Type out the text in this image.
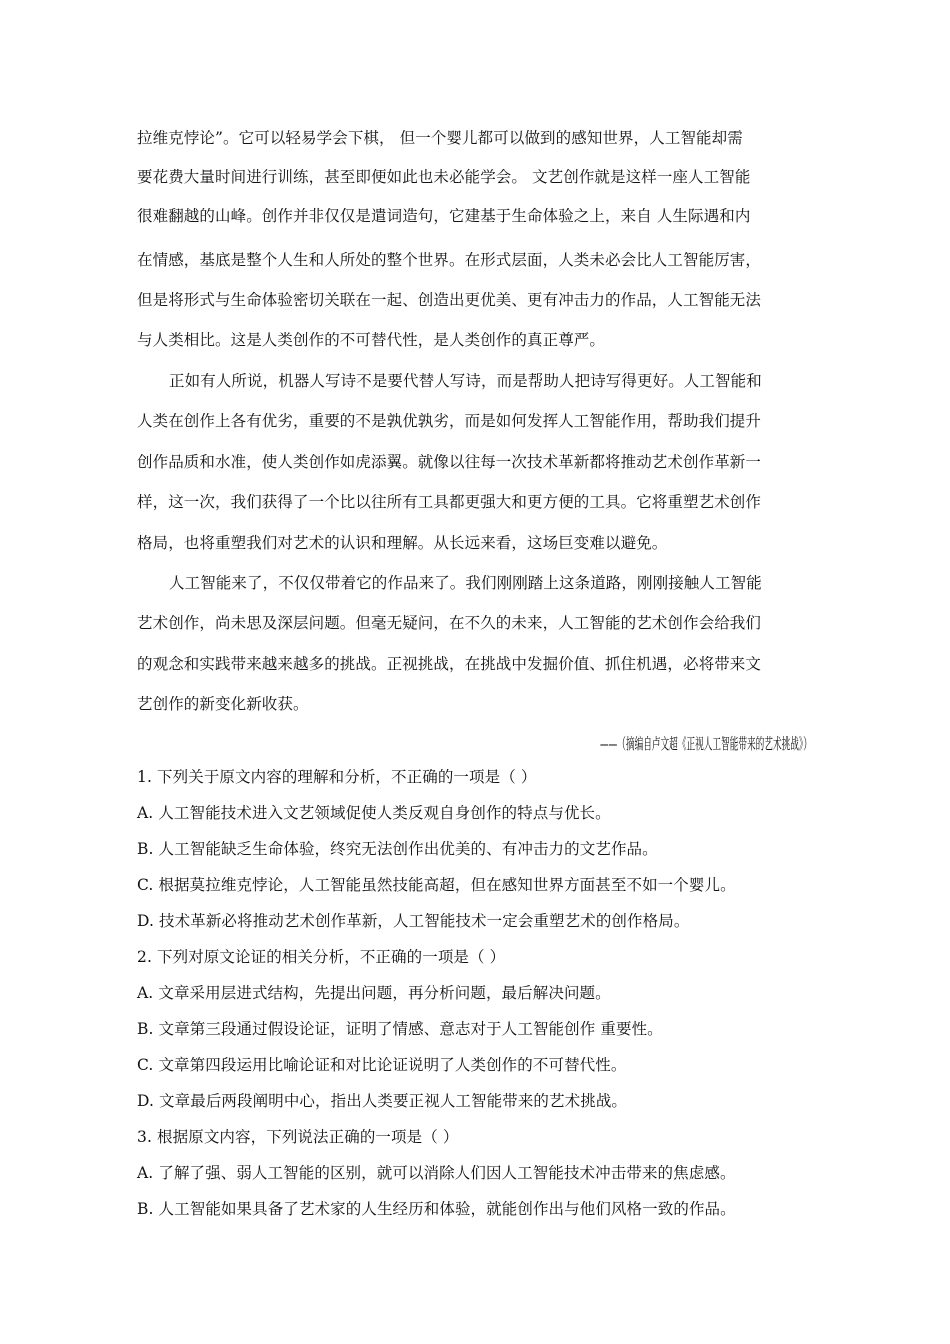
拉维克悖论”。它可以轻易学会下棋， 但一个婴儿都可以做到的感知世界，人工智能却需
要花费大量时间进行训练，甚至即便如此也未必能学会。 文艺创作就是这样一座人工智能
很难翻越的山峰。创作并非仅仅是遣词造句，它建基于生命体验之上，来自 人生际遇和内
在情感，基底是整个人生和人所处的整个世界。在形式层面，人类未必会比人工智能厉害，
但是将形式与生命体验密切关联在一起、创造出更优美、更有冲击力的作品，人工智能无法
与人类相比。这是人类创作的不可替代性，是人类创作的真正尊严。
正如有人所说，机器人写诗不是要代替人写诗，而是帮助人把诗写得更好。人工智能和
人类在创作上各有优劣，重要的不是孰优孰劣，而是如何发挥人工智能作用，帮助我们提升
创作品质和水准，使人类创作如虎添翼。就像以往每一次技术革新都将推动艺术创作革新一
样，这一次，我们获得了一个比以往所有工具都更强大和更方便的工具。它将重塑艺术创作
格局，也将重塑我们对艺术的认识和理解。从长远来看，这场巨变难以避免。
人工智能来了，不仅仅带着它的作品来了。我们刚刚踏上这条道路，刚刚接触人工智能
艺术创作，尚未思及深层问题。但毫无疑问，在不久的未来，人工智能的艺术创作会给我们
的观念和实践带来越来越多的挑战。正视挑战，在挑战中发掘价值、抓住机遇，必将带来文
艺创作的新变化新收获。
——（摘编自卢文超《正视人工智能带来的艺术挑战》）
1. 下列关于原文内容的理解和分析，不正确的一项是（ ）
A. 人工智能技术进入文艺领域促使人类反观自身创作的特点与优长。
B. 人工智能缺乏生命体验，终究无法创作出优美的、有冲击力的文艺作品。
C. 根据莫拉维克悖论，人工智能虽然技能高超，但在感知世界方面甚至不如一个婴儿。
D. 技术革新必将推动艺术创作革新，人工智能技术一定会重塑艺术的创作格局。
2. 下列对原文论证的相关分析，不正确的一项是（ ）
A. 文章采用层进式结构，先提出问题，再分析问题，最后解决问题。
B. 文章第三段通过假设论证，证明了情感、意志对于人工智能创作 重要性。
C. 文章第四段运用比喻论证和对比论证说明了人类创作的不可替代性。
D. 文章最后两段阐明中心，指出人类要正视人工智能带来的艺术挑战。
3. 根据原文内容，下列说法正确的一项是（ ）
A. 了解了强、弱人工智能的区别，就可以消除人们因人工智能技术冲击带来的焦虑感。
B. 人工智能如果具备了艺术家的人生经历和体验，就能创作出与他们风格一致的作品。
